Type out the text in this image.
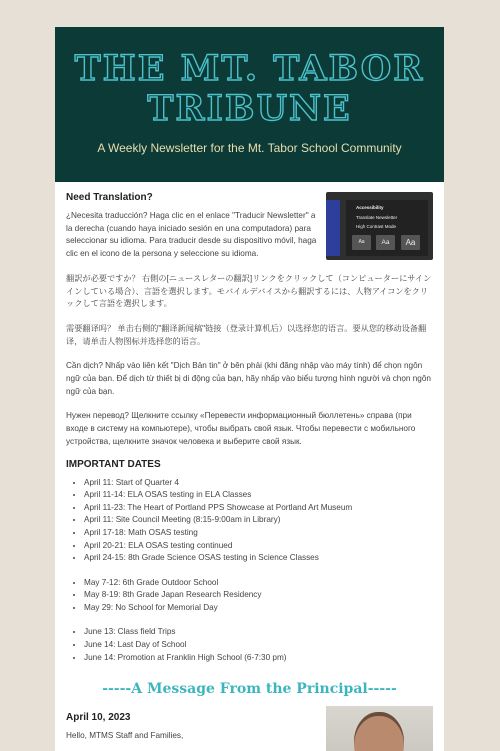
THE MT. TABOR TRIBUNE
A Weekly Newsletter for the Mt. Tabor School Community
Need Translation?

¿Necesita traducción? Haga clic en el enlace "Traducir Newsletter" a la derecha (cuando haya iniciado sesión en una computadora) para seleccionar su idioma. Para traducir desde su dispositivo móvil, haga clic en el icono de la persona y seleccione su idioma.

Accessibility
Translate Newsletter
High Contrast Mode
Aa	Aa	Aa

翻訳が必要ですか？ 右側の[ニュースレターの翻訳]リンクをクリックして（コンピューターにサインインしている場合）、言語を選択します。モバイルデバイスから翻訳するには、人物アイコンをクリックして言語を選択します。

需要翻译吗？ 单击右侧的"翻译新闻稿"链接（登录计算机后）以选择您的语言。要从您的移动设备翻译，请单击人物图标并选择您的语言。

Cần dịch? Nhấp vào liên kết "Dịch Bản tin" ở bên phải (khi đăng nhập vào máy tính) để chọn ngôn ngữ của bạn. Để dịch từ thiết bị di động của bạn, hãy nhấp vào biểu tượng hình người và chọn ngôn ngữ của bạn.

Нужен перевод? Щелкните ссылку «Перевести информационный бюллетень» справа (при входе в систему на компьютере), чтобы выбрать свой язык. Чтобы перевести с мобильного устройства, щелкните значок человека и выберите свой язык.

IMPORTANT DATES
• April 11: Start of Quarter 4
• April 11-14: ELA OSAS testing in ELA Classes
• April 11-23: The Heart of Portland PPS Showcase at Portland Art Museum
• April 11: Site Council Meeting (8:15-9:00am in Library)
• April 17-18: Math OSAS testing
• April 20-21: ELA OSAS testing continued
• April 24-15: 8th Grade Science OSAS testing in Science Classes
• May 7-12: 6th Grade Outdoor School
• May 8-19: 8th Grade Japan Research Residency
• May 29: No School for Memorial Day
• June 13: Class field Trips
• June 14: Last Day of School
• June 14: Promotion at Franklin High School (6-7:30 pm)
-----A Message From the Principal-----
April 10, 2023
Hello, MTMS Staff and Families,
